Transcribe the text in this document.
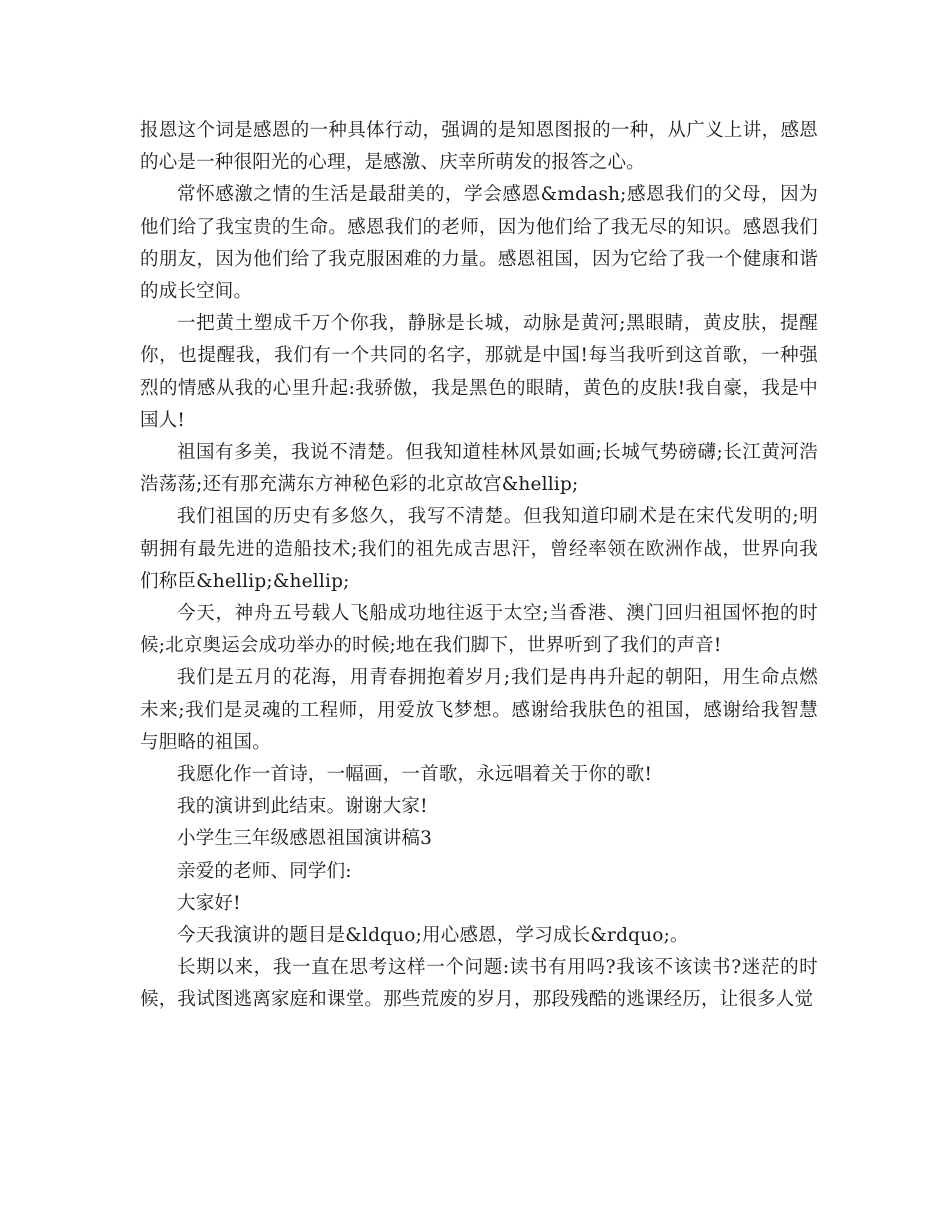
报恩这个词是感恩的一种具体行动，强调的是知恩图报的一种，从广义上讲，感恩的心是一种很阳光的心理，是感激、庆幸所萌发的报答之心。

常怀感激之情的生活是最甜美的，学会感恩&mdash;感恩我们的父母，因为他们给了我宝贵的生命。感恩我们的老师，因为他们给了我无尽的知识。感恩我们的朋友，因为他们给了我克服困难的力量。感恩祖国，因为它给了我一个健康和谐的成长空间。

一把黄土塑成千万个你我，静脉是长城，动脉是黄河;黑眼睛，黄皮肤，提醒你，也提醒我，我们有一个共同的名字，那就是中国!每当我听到这首歌，一种强烈的情感从我的心里升起:我骄傲，我是黑色的眼睛，黄色的皮肤!我自豪，我是中国人!

祖国有多美，我说不清楚。但我知道桂林风景如画;长城气势磅礴;长江黄河浩浩荡荡;还有那充满东方神秘色彩的北京故宫&hellip;

我们祖国的历史有多悠久，我写不清楚。但我知道印刷术是在宋代发明的;明朝拥有最先进的造船技术;我们的祖先成吉思汗，曾经率领在欧洲作战，世界向我们称臣&hellip;&hellip;

今天，神舟五号载人飞船成功地往返于太空;当香港、澳门回归祖国怀抱的时候;北京奥运会成功举办的时候;地在我们脚下，世界听到了我们的声音!

我们是五月的花海，用青春拥抱着岁月;我们是冉冉升起的朝阳，用生命点燃未来;我们是灵魂的工程师，用爱放飞梦想。感谢给我肤色的祖国，感谢给我智慧与胆略的祖国。

我愿化作一首诗，一幅画，一首歌，永远唱着关于你的歌!

我的演讲到此结束。谢谢大家!

小学生三年级感恩祖国演讲稿3

亲爱的老师、同学们:

大家好!

今天我演讲的题目是&ldquo;用心感恩，学习成长&rdquo;。

长期以来，我一直在思考这样一个问题:读书有用吗?我该不该读书?迷茫的时候，我试图逃离家庭和课堂。那些荒废的岁月，那段残酷的逃课经历，让很多人觉
